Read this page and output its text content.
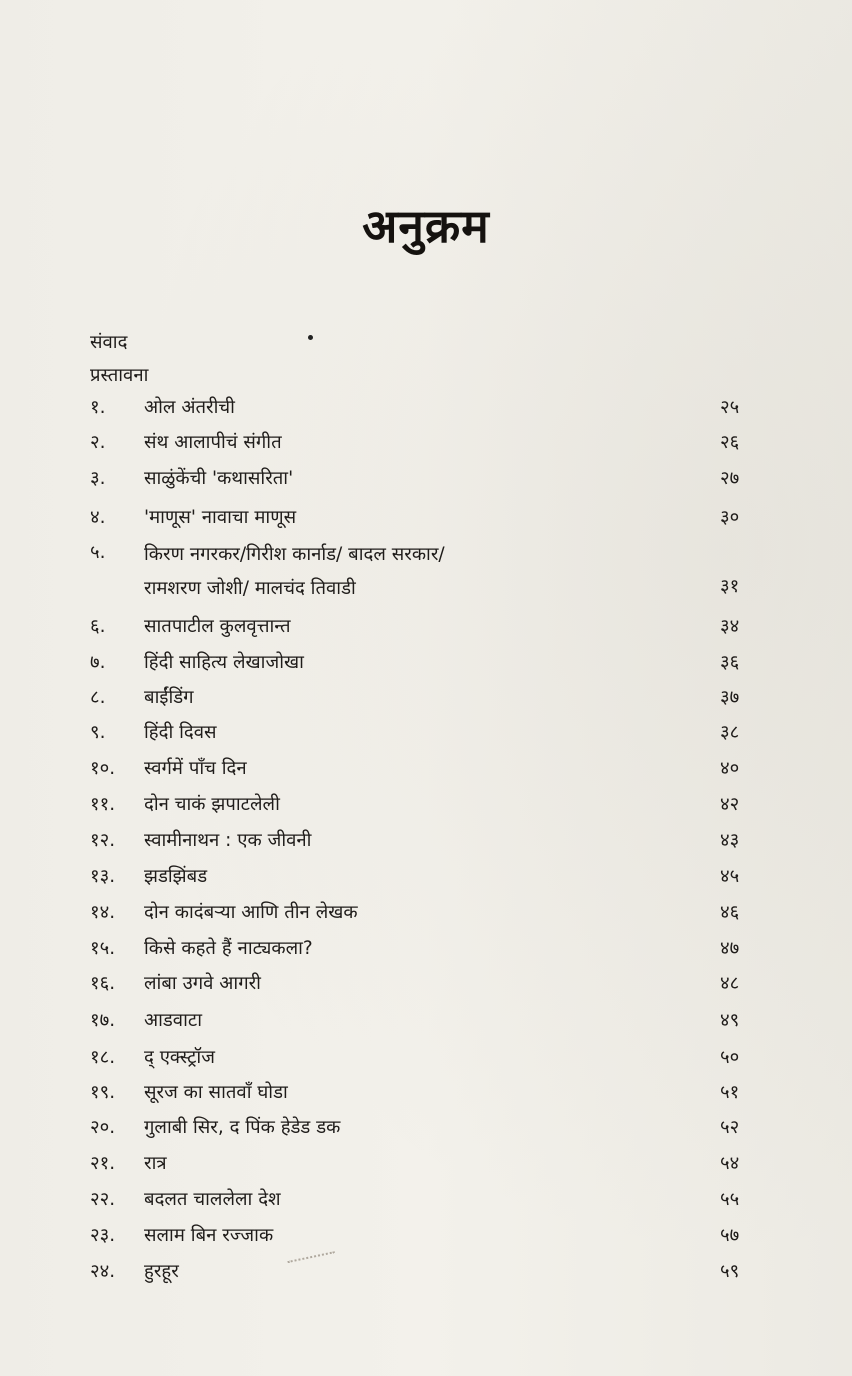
अनुक्रम
संवाद
प्रस्तावना
१. ओल अंतरीची	२५
२. संथ आलापीचं संगीत	२६
३. साळुंकेंची 'कथासरिता'	२७
४. 'माणूस' नावाचा माणूस	३०
५. किरण नगरकर/गिरीश कार्नाड/ बादल सरकार/
रामशरण जोशी/ मालचंद तिवाडी	३१
६. सातपाटील कुलवृत्तान्त	३४
७. हिंदी साहित्य लेखाजोखा	३६
८. बाईंडिंग	३७
९. हिंदी दिवस	३८
१०. स्वर्गमें पाँच दिन	४०
११. दोन चाकं झपाटलेली	४२
१२. स्वामीनाथन : एक जीवनी	४३
१३. झडझिंबड	४५
१४. दोन कादंबऱ्या आणि तीन लेखक	४६
१५. किसे कहते हैं नाट्यकला?	४७
१६. लांबा उगवे आगरी	४८
१७. आडवाटा	४९
१८. द् एक्स्ट्रॉज	५०
१९. सूरज का सातवाँ घोडा	५१
२०. गुलाबी सिर, द पिंक हेडेड डक	५२
२१. रात्र	५४
२२. बदलत चाललेला देश	५५
२३. सलाम बिन रज्जाक	५७
२४. हुरहूर	५९
